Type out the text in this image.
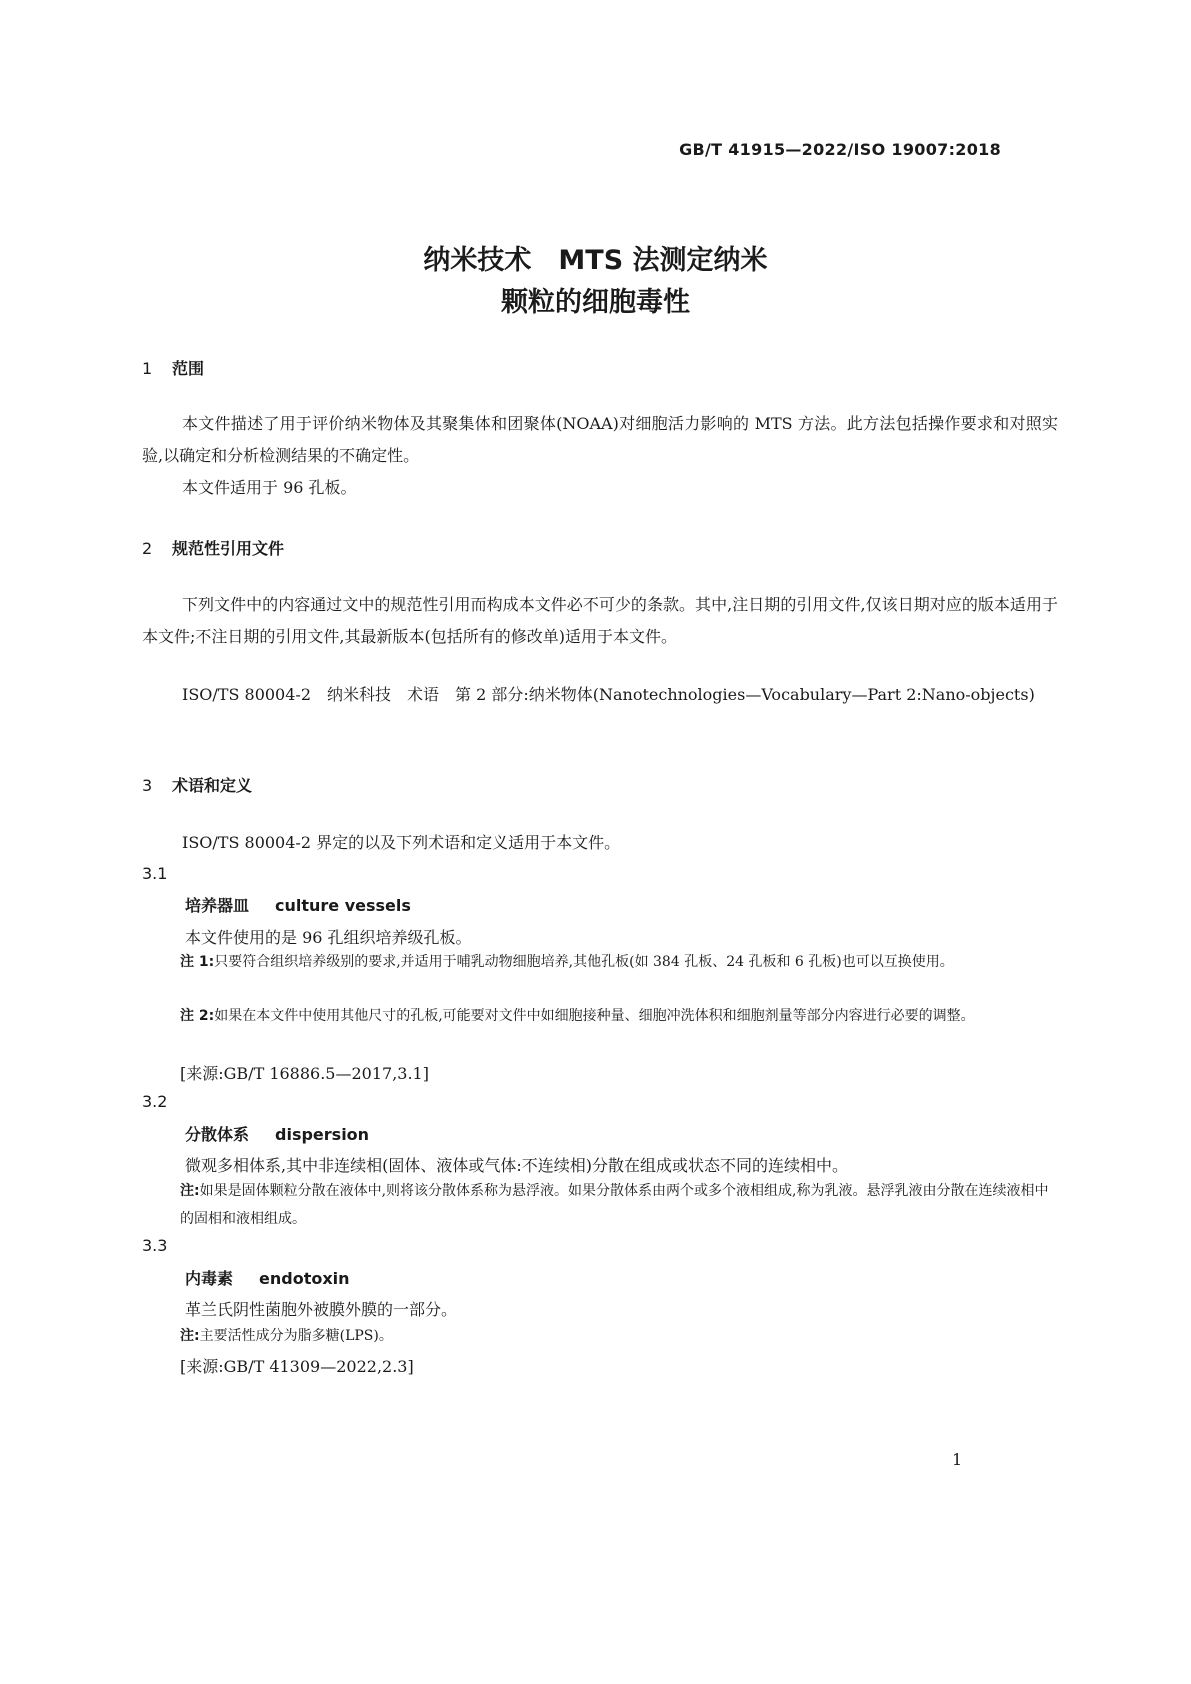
GB/T 41915—2022/ISO 19007:2018
纳米技术　MTS 法测定纳米
颗粒的细胞毒性
1 范围
本文件描述了用于评价纳米物体及其聚集体和团聚体(NOAA)对细胞活力影响的 MTS 方法。此方法包括操作要求和对照实验,以确定和分析检测结果的不确定性。
本文件适用于 96 孔板。
2 规范性引用文件
下列文件中的内容通过文中的规范性引用而构成本文件必不可少的条款。其中,注日期的引用文件,仅该日期对应的版本适用于本文件;不注日期的引用文件,其最新版本(包括所有的修改单)适用于本文件。
ISO/TS 80004-2　纳米科技　术语　第 2 部分:纳米物体(Nanotechnologies—Vocabulary—Part 2:Nano-objects)
3 术语和定义
ISO/TS 80004-2 界定的以及下列术语和定义适用于本文件。
3.1
培养器皿 culture vessels
本文件使用的是 96 孔组织培养级孔板。
注 1:只要符合组织培养级别的要求,并适用于哺乳动物细胞培养,其他孔板(如 384 孔板、24 孔板和 6 孔板)也可以互换使用。
注 2:如果在本文件中使用其他尺寸的孔板,可能要对文件中如细胞接种量、细胞冲洗体积和细胞剂量等部分内容进行必要的调整。
[来源:GB/T 16886.5—2017,3.1]
3.2
分散体系 dispersion
微观多相体系,其中非连续相(固体、液体或气体:不连续相)分散在组成或状态不同的连续相中。
注:如果是固体颗粒分散在液体中,则将该分散体系称为悬浮液。如果分散体系由两个或多个液相组成,称为乳液。悬浮乳液由分散在连续液相中的固相和液相组成。
3.3
内毒素 endotoxin
革兰氏阴性菌胞外被膜外膜的一部分。
注:主要活性成分为脂多糖(LPS)。
[来源:GB/T 41309—2022,2.3]
1
